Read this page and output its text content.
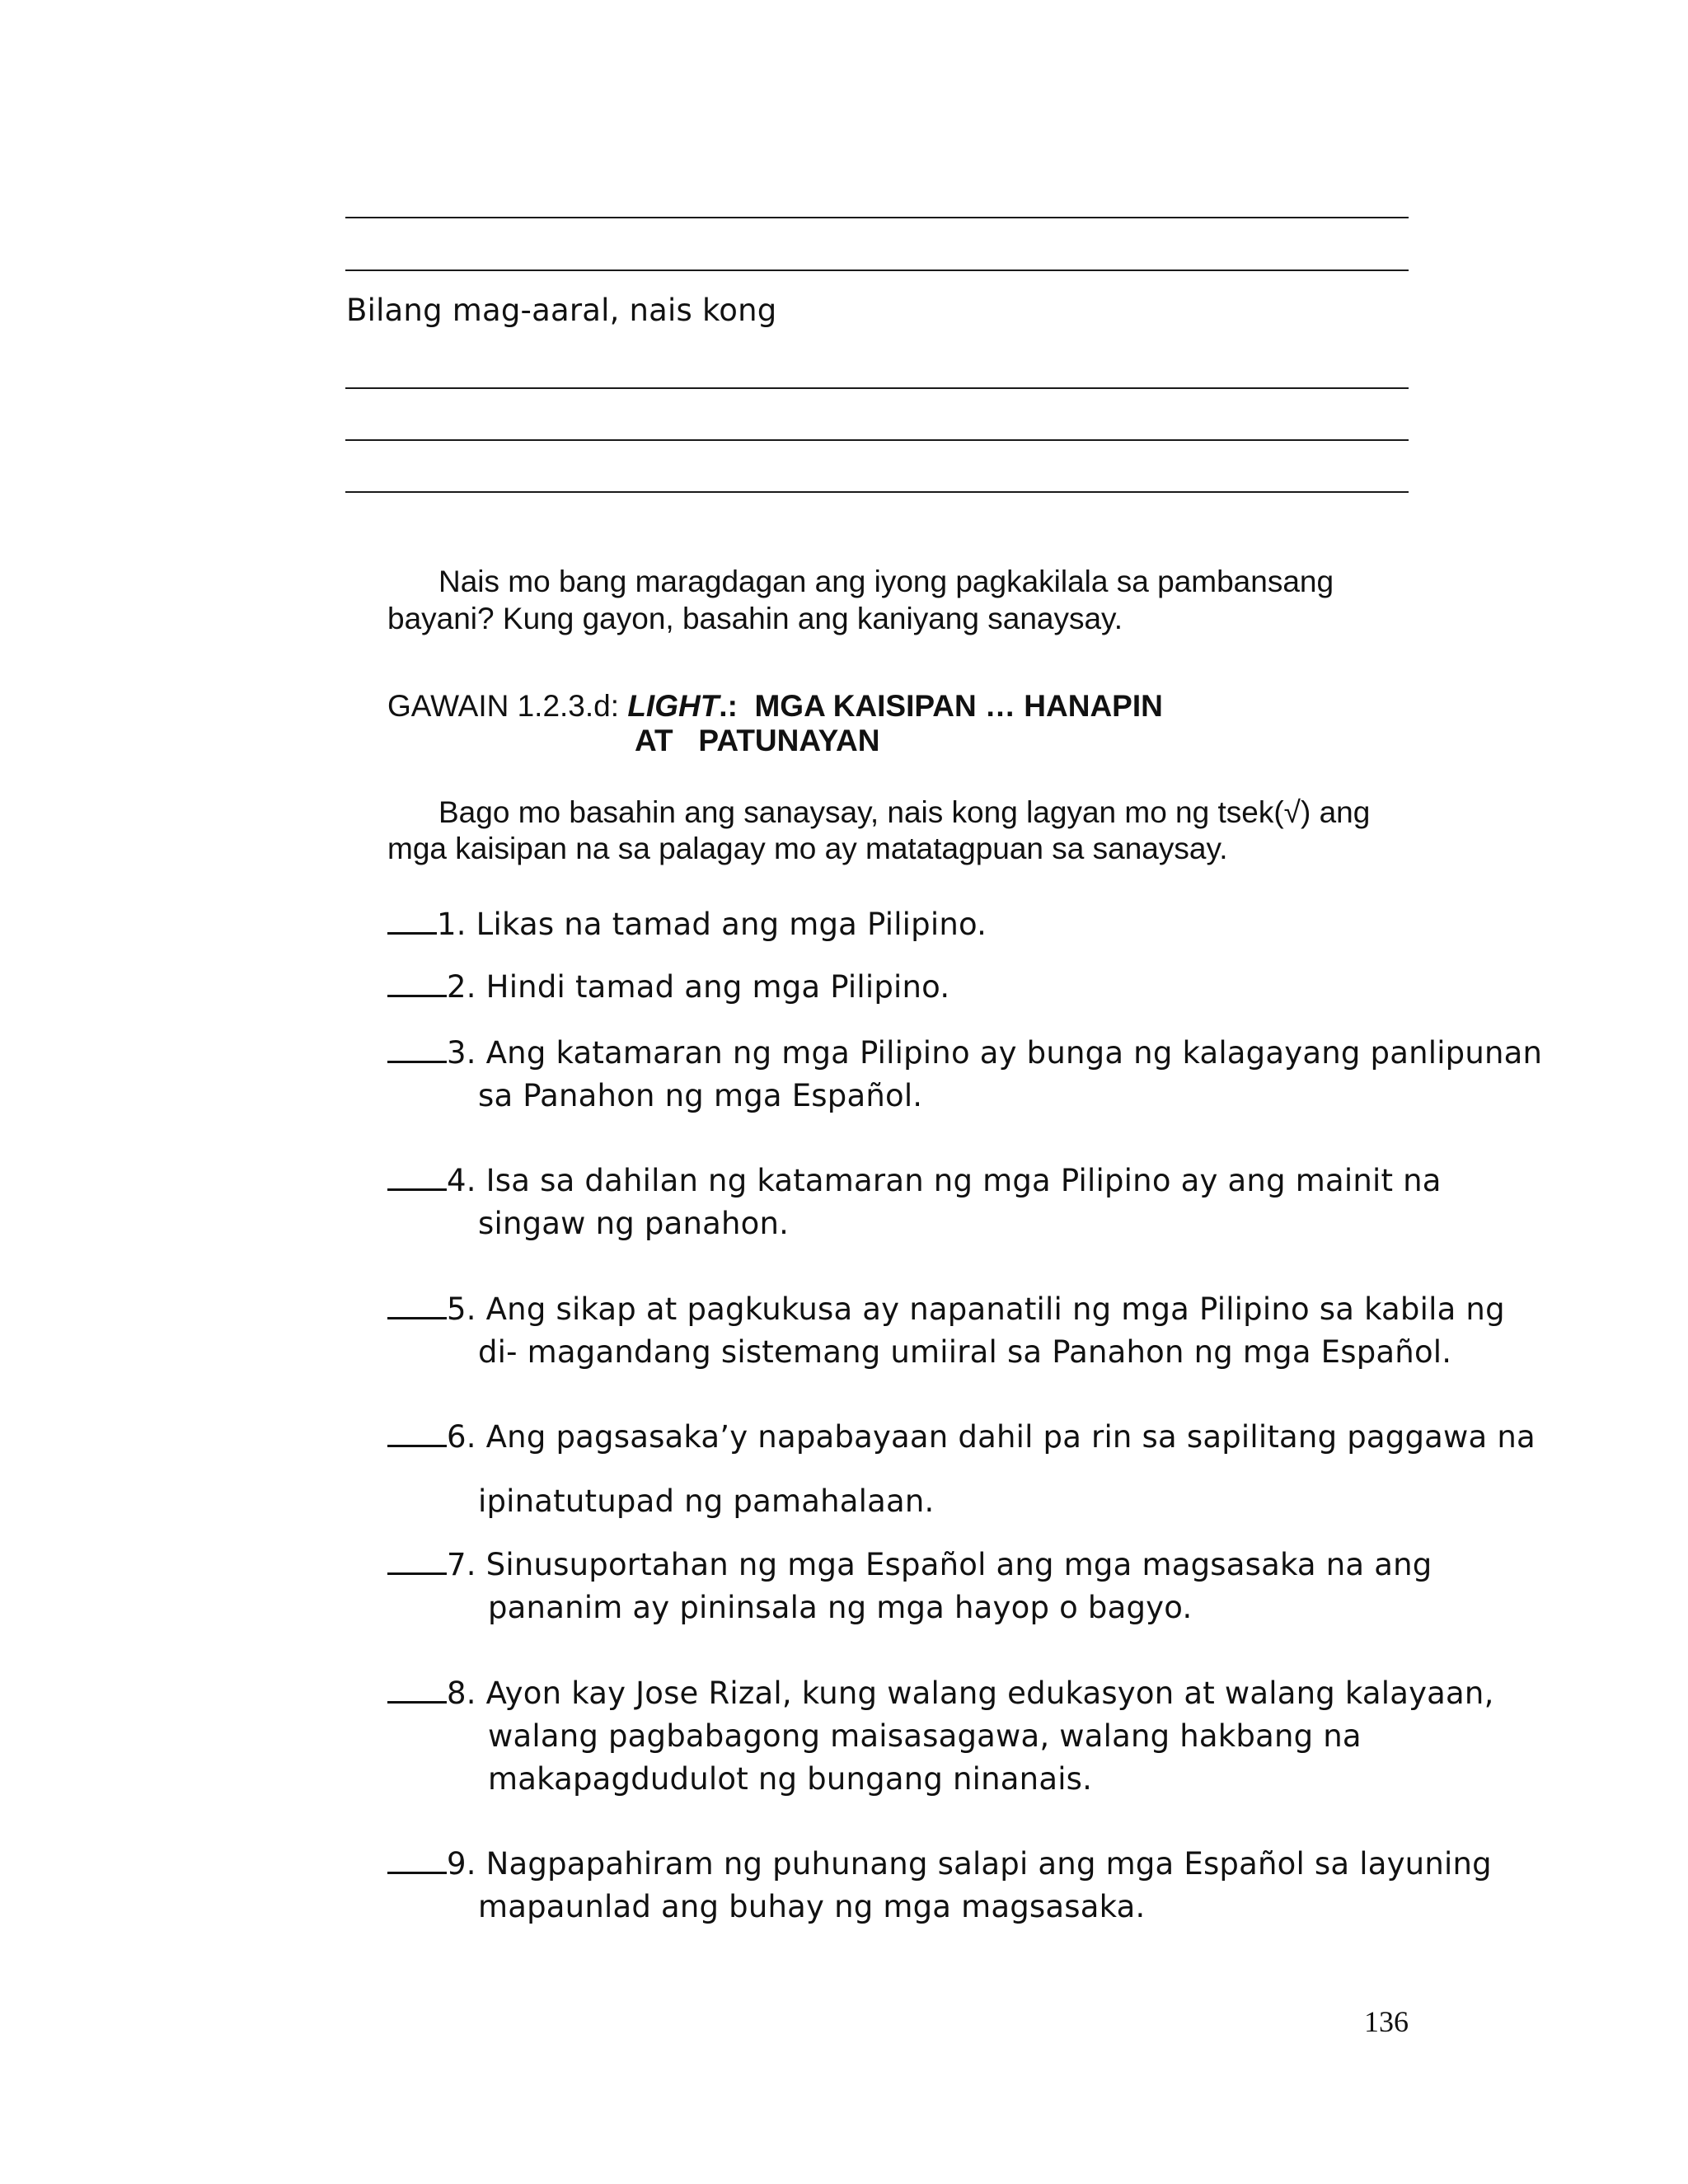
Bilang mag-aaral, nais kong

Nais mo bang maragdagan ang iyong pagkakilala sa pambansang

bayani? Kung gayon, basahin ang kaniyang sanaysay.

GAWAIN 1.2.3.d: LIGHT.:  MGA KAISIPAN … HANAPIN

AT   PATUNAYAN

Bago mo basahin ang sanaysay, nais kong lagyan mo ng tsek(√) ang

mga kaisipan na sa palagay mo ay matatagpuan sa sanaysay.

1. Likas na tamad ang mga Pilipino.
2. Hindi tamad ang mga Pilipino.
3. Ang katamaran ng mga Pilipino ay bunga ng kalagayang panlipunan

sa Panahon ng mga Español.

4. Isa sa dahilan ng katamaran ng mga Pilipino ay ang mainit na

singaw ng panahon.

5. Ang sikap at pagkukusa ay napanatili ng mga Pilipino sa kabila ng

di- magandang sistemang umiiral sa Panahon ng mga Español.

6. Ang pagsasaka’y napabayaan dahil pa rin sa sapilitang paggawa na

ipinatutupad ng pamahalaan.

7. Sinusuportahan ng mga Español ang mga magsasaka na ang

pananim ay pininsala ng mga hayop o bagyo.

8. Ayon kay Jose Rizal, kung walang edukasyon at walang kalayaan,

walang pagbabagong maisasagawa, walang hakbang na

makapagdudulot ng bungang ninanais.

9. Nagpapahiram ng puhunang salapi ang mga Español sa layuning

mapaunlad ang buhay ng mga magsasaka.

136
